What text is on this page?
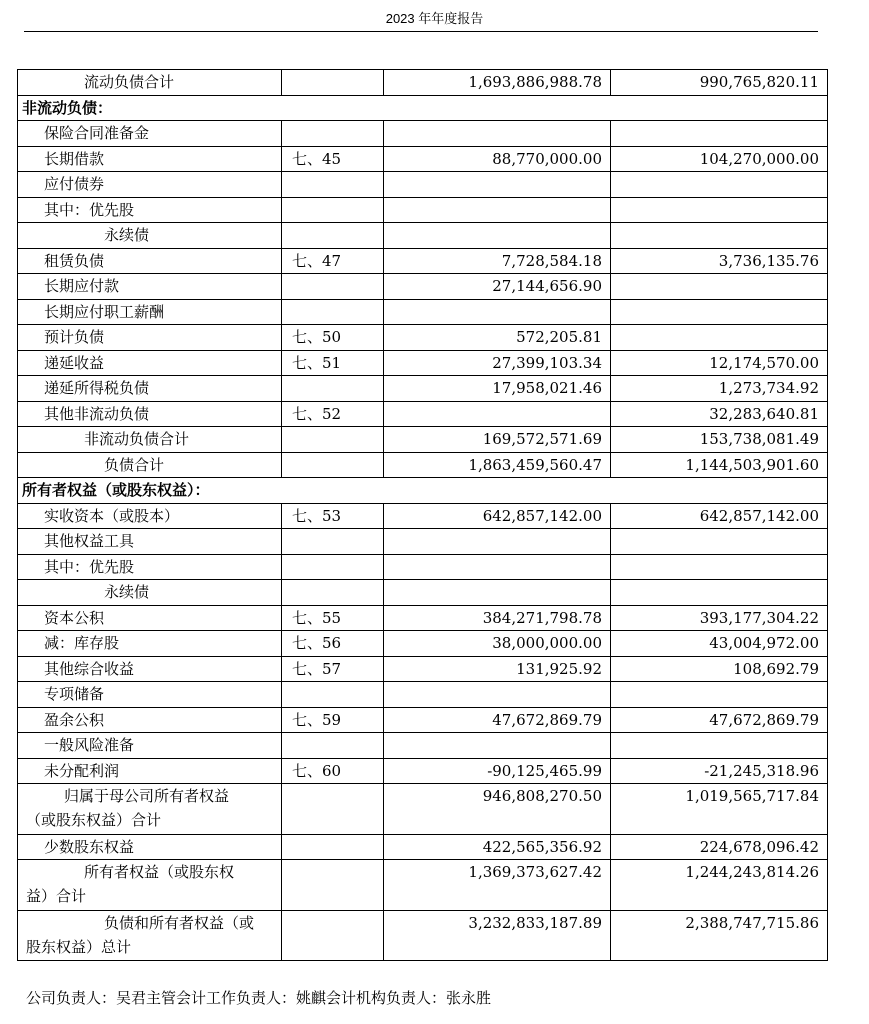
2023 年年度报告
流动负债合计		1,693,886,988.78	990,765,820.11
非流动负债：			
保险合同准备金			
长期借款	七、45	88,770,000.00	104,270,000.00
应付债券			
其中：优先股			
永续债			
租赁负债	七、47	7,728,584.18	3,736,135.76
长期应付款		27,144,656.90	
长期应付职工薪酬			
预计负债	七、50	572,205.81	
递延收益	七、51	27,399,103.34	12,174,570.00
递延所得税负债		17,958,021.46	1,273,734.92
其他非流动负债	七、52		32,283,640.81
非流动负债合计		169,572,571.69	153,738,081.49
负债合计		1,863,459,560.47	1,144,503,901.60
所有者权益（或股东权益）：			
实收资本（或股本）	七、53	642,857,142.00	642,857,142.00
其他权益工具			
其中：优先股			
永续债			
资本公积	七、55	384,271,798.78	393,177,304.22
减：库存股	七、56	38,000,000.00	43,004,972.00
其他综合收益	七、57	131,925.92	108,692.79
专项储备			
盈余公积	七、59	47,672,869.79	47,672,869.79
一般风险准备			
未分配利润	七、60	-90,125,465.99	-21,245,318.96

归属于母公司所有者权益
（或股东权益）合计		946,808,270.50	1,019,565,717.84
少数股东权益		422,565,356.92	224,678,096.42

所有者权益（或股东权
益）合计		1,369,373,627.42	1,244,243,814.26

负债和所有者权益（或
股东权益）总计		3,232,833,187.89	2,388,747,715.86
公司负责人：吴君主管会计工作负责人：姚麒会计机构负责人：张永胜
